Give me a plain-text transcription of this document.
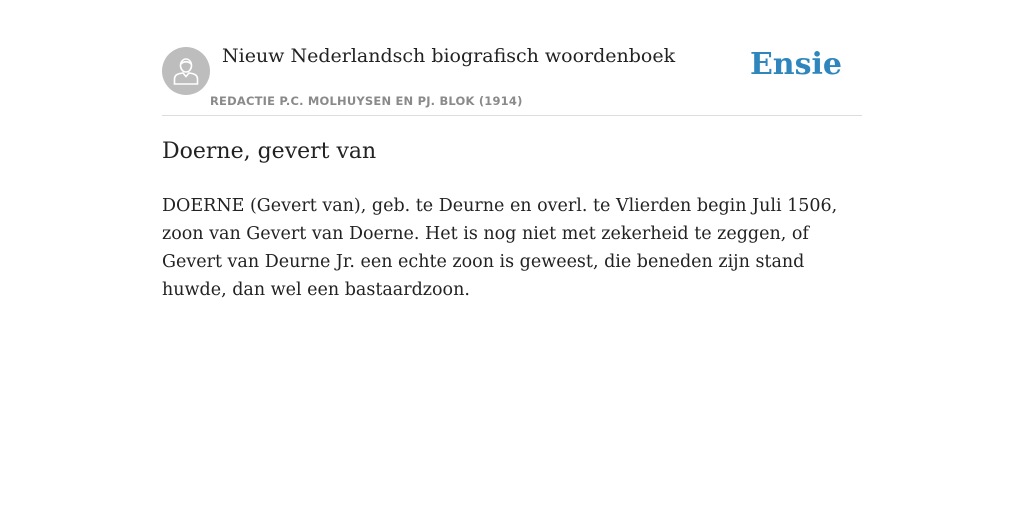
Nieuw Nederlandsch biografisch woordenboek
REDACTIE P.C. MOLHUYSEN EN PJ. BLOK (1914)
Ensie
Doerne, gevert van

DOERNE (Gevert van), geb. te Deurne en overl. te Vlierden begin Juli 1506, zoon van Gevert van Doerne. Het is nog niet met zekerheid te zeggen, of Gevert van Deurne Jr. een echte zoon is geweest, die beneden zijn stand huwde, dan wel een bastaardzoon.
